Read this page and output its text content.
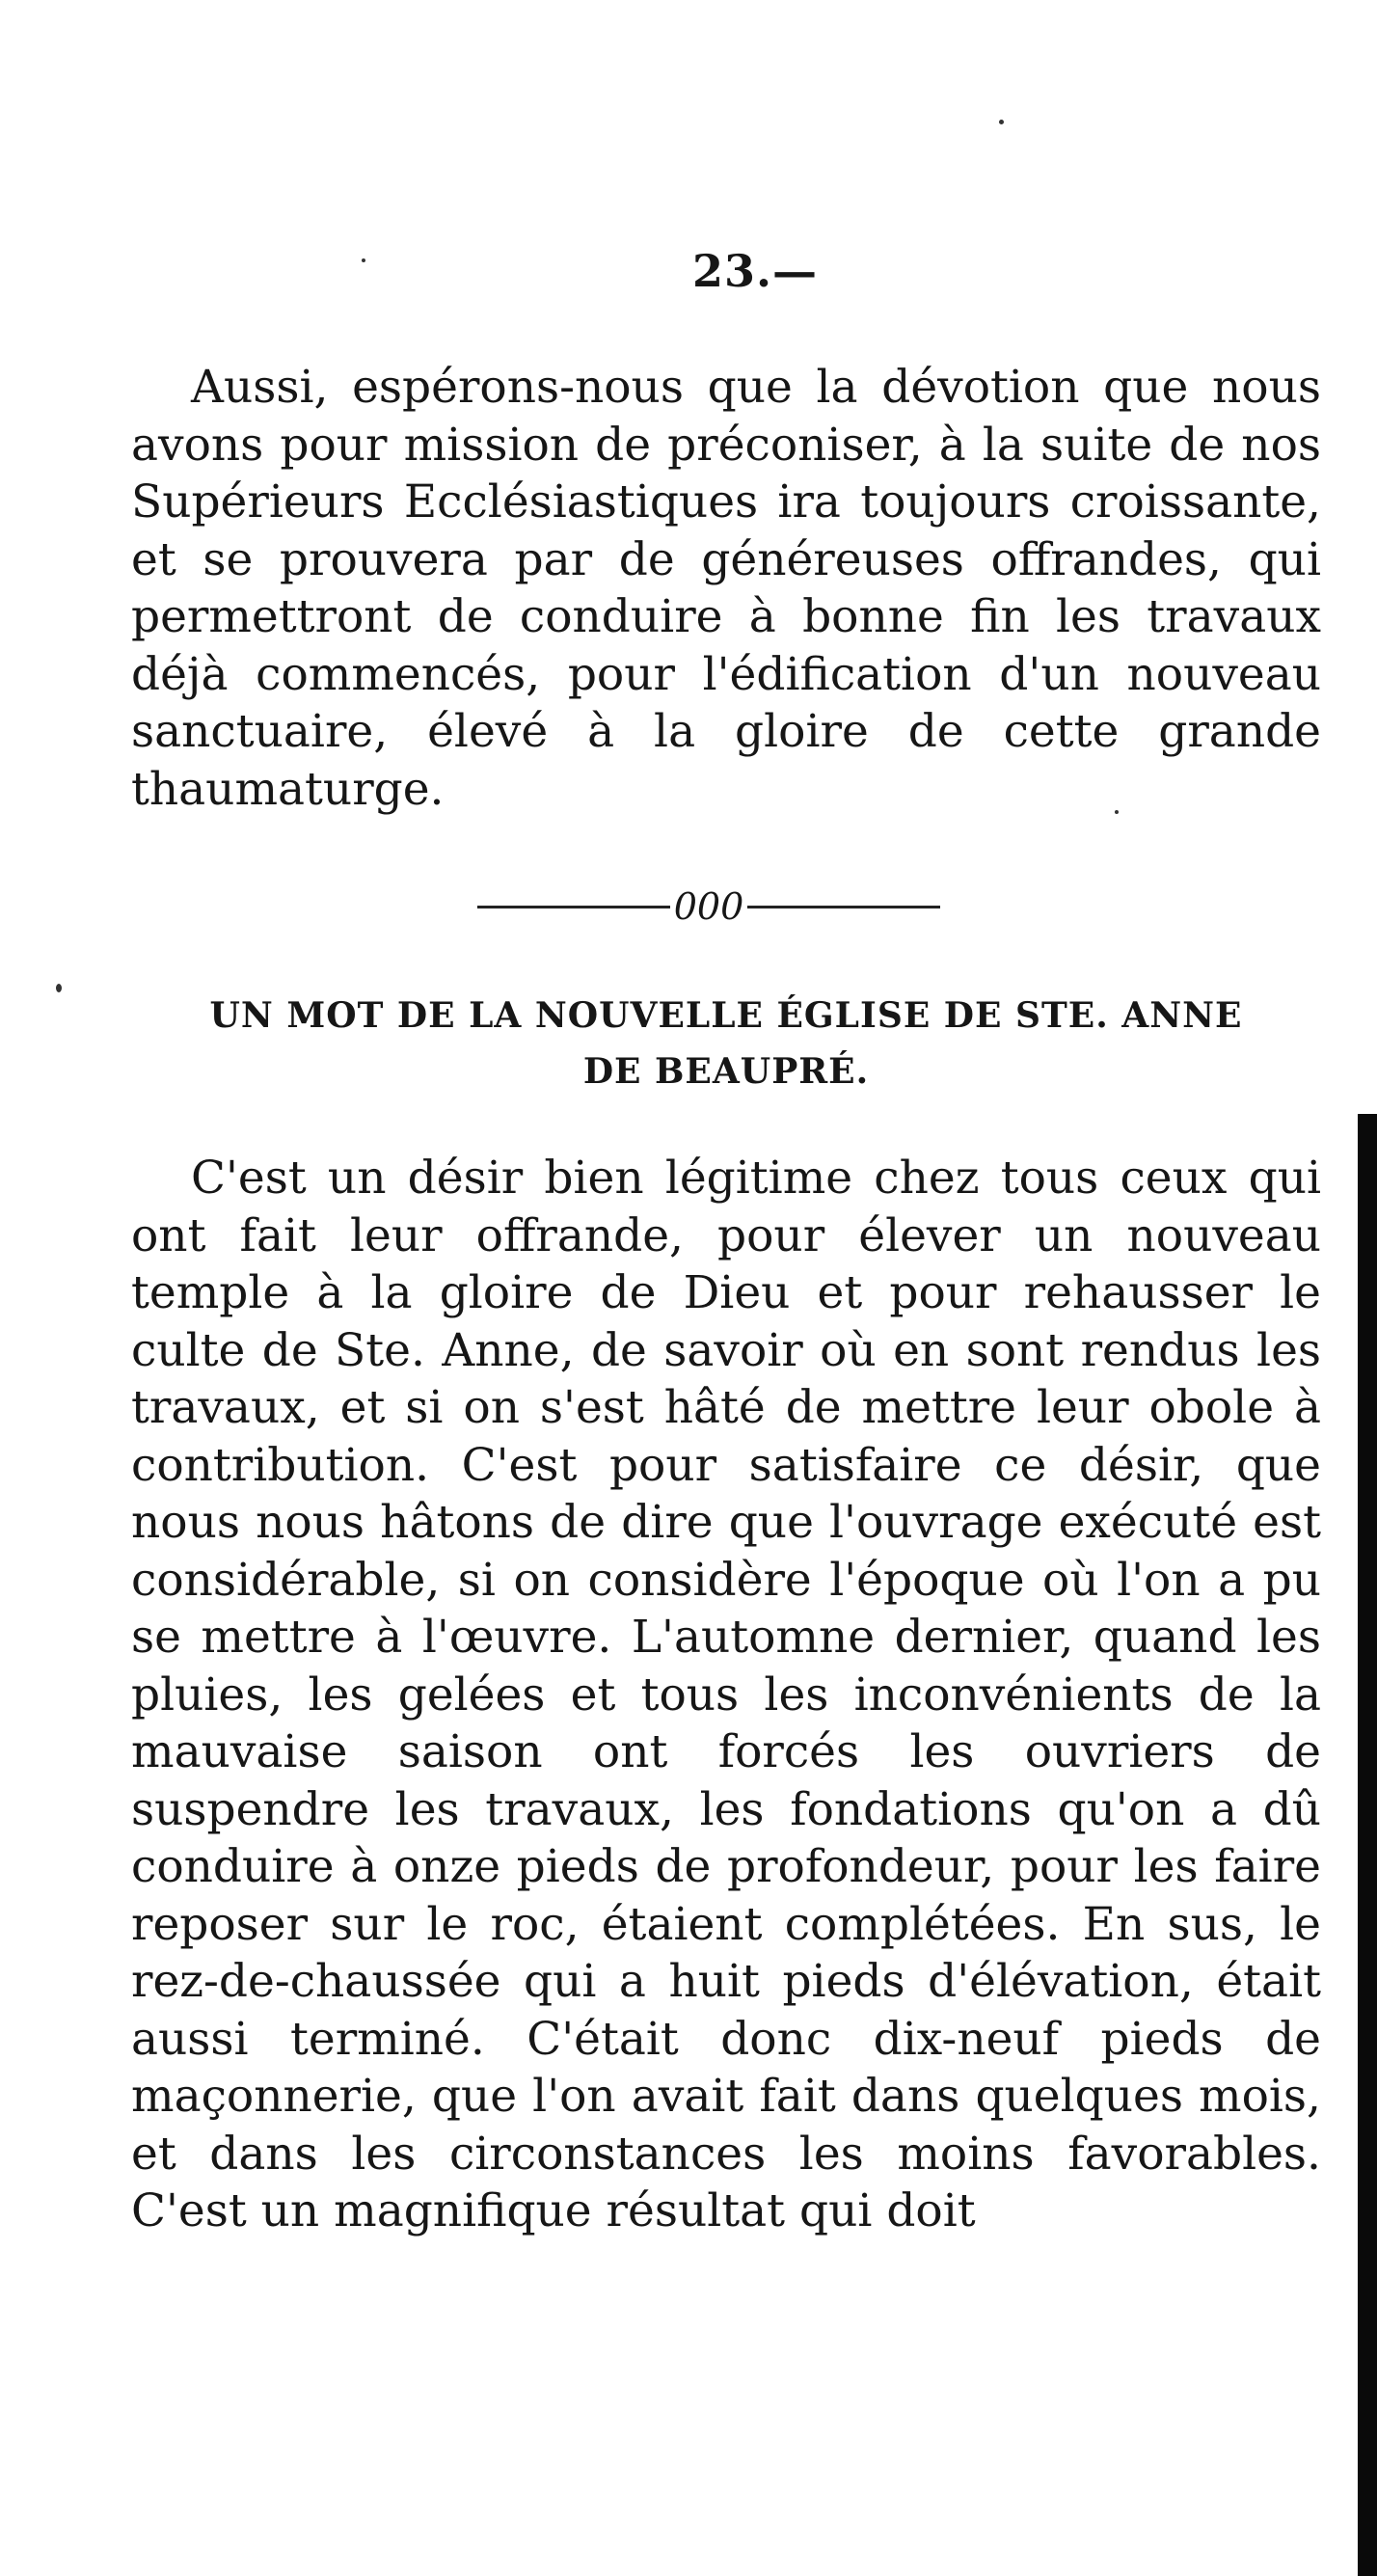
23.—

Aussi, espérons-nous que la dévotion que nous avons pour mission de préconiser, à la suite de nos Supérieurs Ecclésiastiques ira toujours croissante, et se prouvera par de généreuses offrandes, qui permettront de conduire à bonne fin les travaux déjà commencés, pour l'édification d'un nouveau sanctuaire, élevé à la gloire de cette grande thaumaturge.

000
UN MOT DE LA NOUVELLE ÉGLISE DE STE. ANNE
DE BEAUPRÉ.

C'est un désir bien légitime chez tous ceux qui ont fait leur offrande, pour élever un nouveau temple à la gloire de Dieu et pour rehausser le culte de Ste. Anne, de savoir où en sont rendus les travaux, et si on s'est hâté de mettre leur obole à contribution. C'est pour satisfaire ce désir, que nous nous hâtons de dire que l'ouvrage exécuté est considérable, si on considère l'époque où l'on a pu se mettre à l'œuvre. L'automne dernier, quand les pluies, les gelées et tous les inconvénients de la mauvaise saison ont forcés les ouvriers de suspendre les travaux, les fondations qu'on a dû conduire à onze pieds de profondeur, pour les faire reposer sur le roc, étaient complétées. En sus, le rez-de-chaussée qui a huit pieds d'élévation, était aussi terminé. C'était donc dix-neuf pieds de maçonnerie, que l'on avait fait dans quelques mois, et dans les circonstances les moins favorables. C'est un magnifique résultat qui doit
